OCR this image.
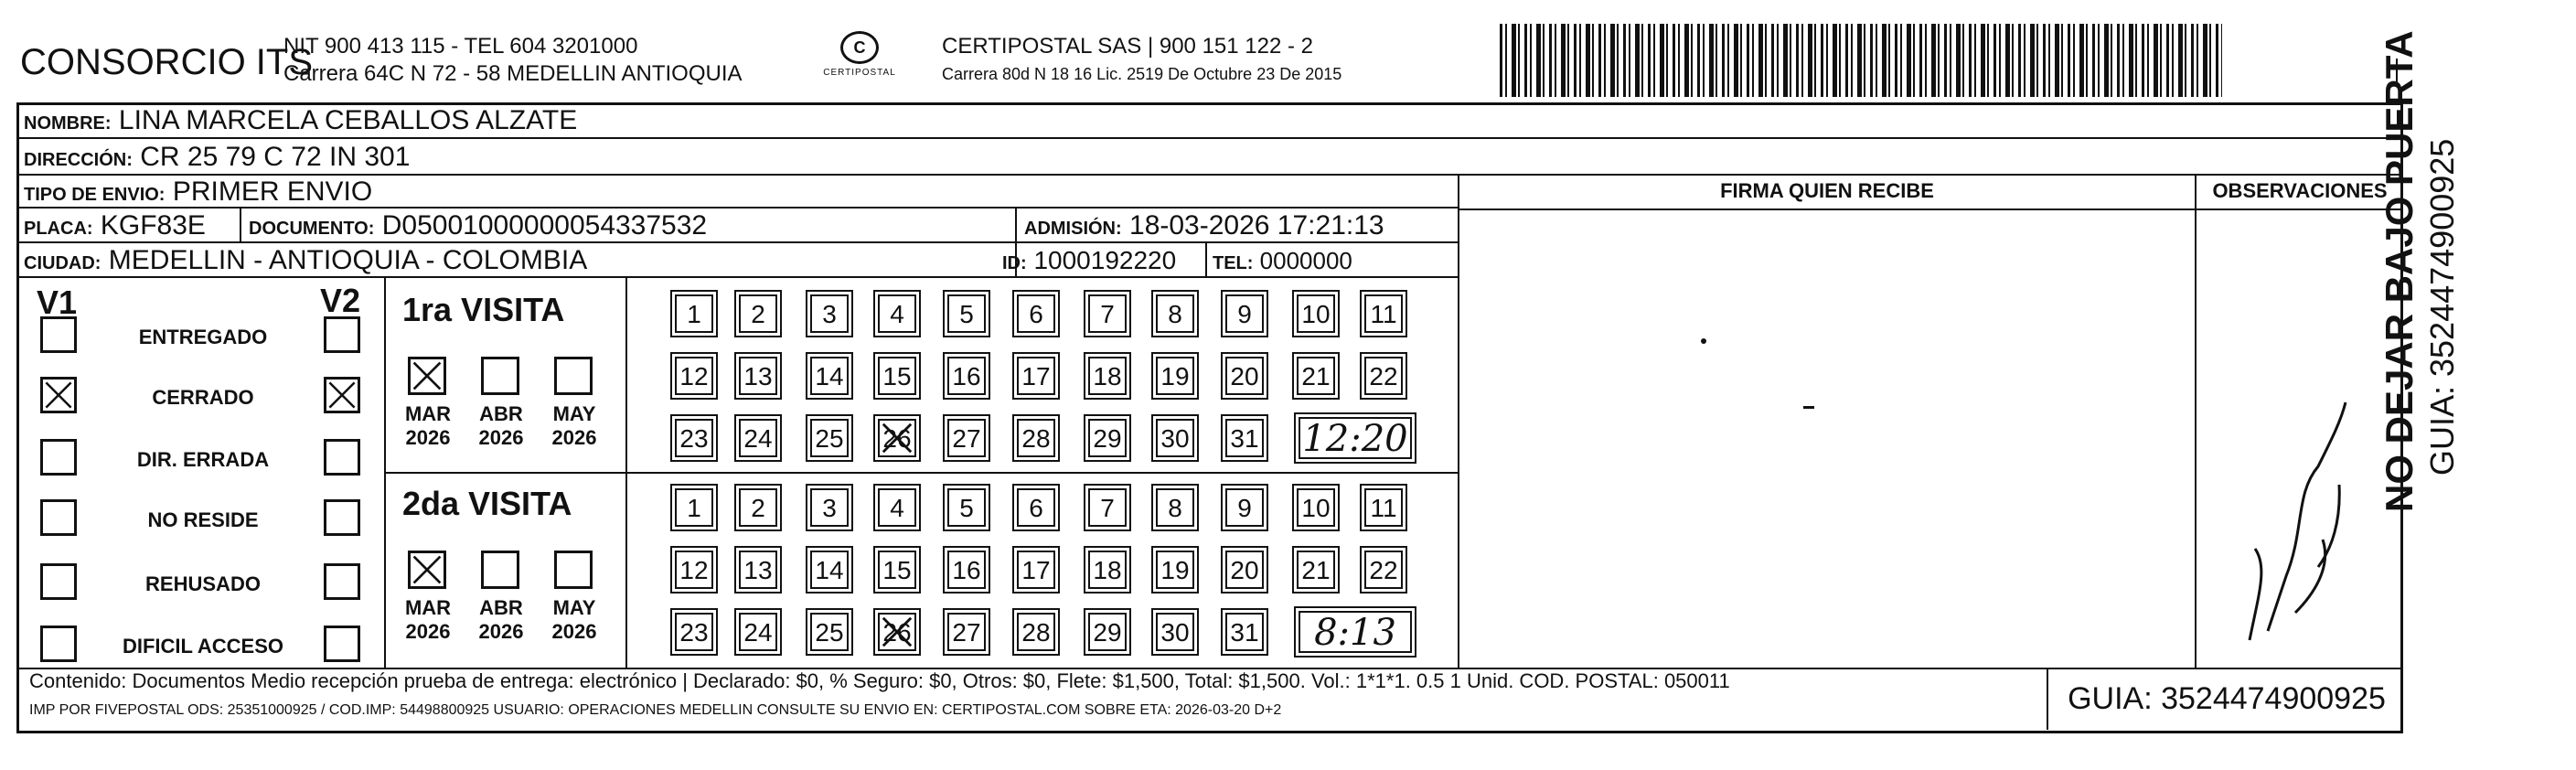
CONSORCIO ITS
NIT 900 413 115 - TEL 604 3201000
Carrera 64C N 72 - 58 MEDELLIN ANTIOQUIA
C
CERTIPOSTAL
CERTIPOSTAL SAS | 900 151 122 - 2
Carrera 80d N 18 16 Lic. 2519 De Octubre 23 De 2015
NOMBRE: LINA MARCELA CEBALLOS ALZATE
DIRECCIÓN: CR 25 79 C 72 IN 301
TIPO DE ENVIO: PRIMER ENVIO
PLACA: KGF83E	DOCUMENTO: D05001000000054337532	ADMISIÓN: 18-03-2026 17:21:13
CIUDAD: MEDELLIN - ANTIOQUIA - COLOMBIA	ID: 1000192220 TEL: 0000000
FIRMA QUIEN RECIBE	OBSERVACIONES
V1	V2
ENTREGADO
CERRADO
DIR. ERRADA
NO RESIDE
REHUSADO
DIFICIL ACCESO
1ra VISITA
MAR
2026
ABR
2026
MAY
2026
1	2	3	4	5	6	7	8	9	10 11
12 13 14 15 16 17 18 19 20 21 22
23 24 25 26 27 28 29 30 31 12:20
2da VISITA
MAR
2026
ABR
2026
MAY
2026
1	2	3	4	5	6	7	8	9	10 11
12 13 14 15 16 17 18 19 20 21 22
23 24 25 26 27 28 29 30 31	8:13
Contenido: Documentos Medio recepción prueba de entrega: electrónico | Declarado: $0, % Seguro: $0, Otros: $0, Flete: $1,500, Total: $1,500. Vol.: 1*1*1. 0.5 1 Unid. COD. POSTAL: 050011
IMP POR FIVEPOSTAL ODS: 25351000925 / COD.IMP: 54498800925 USUARIO: OPERACIONES MEDELLIN CONSULTE SU ENVIO EN: CERTIPOSTAL.COM SOBRE ETA: 2026-03-20 D+2	GUIA: 3524474900925
NO DEJAR BAJO PUERTA GUIA: 3524474900925
